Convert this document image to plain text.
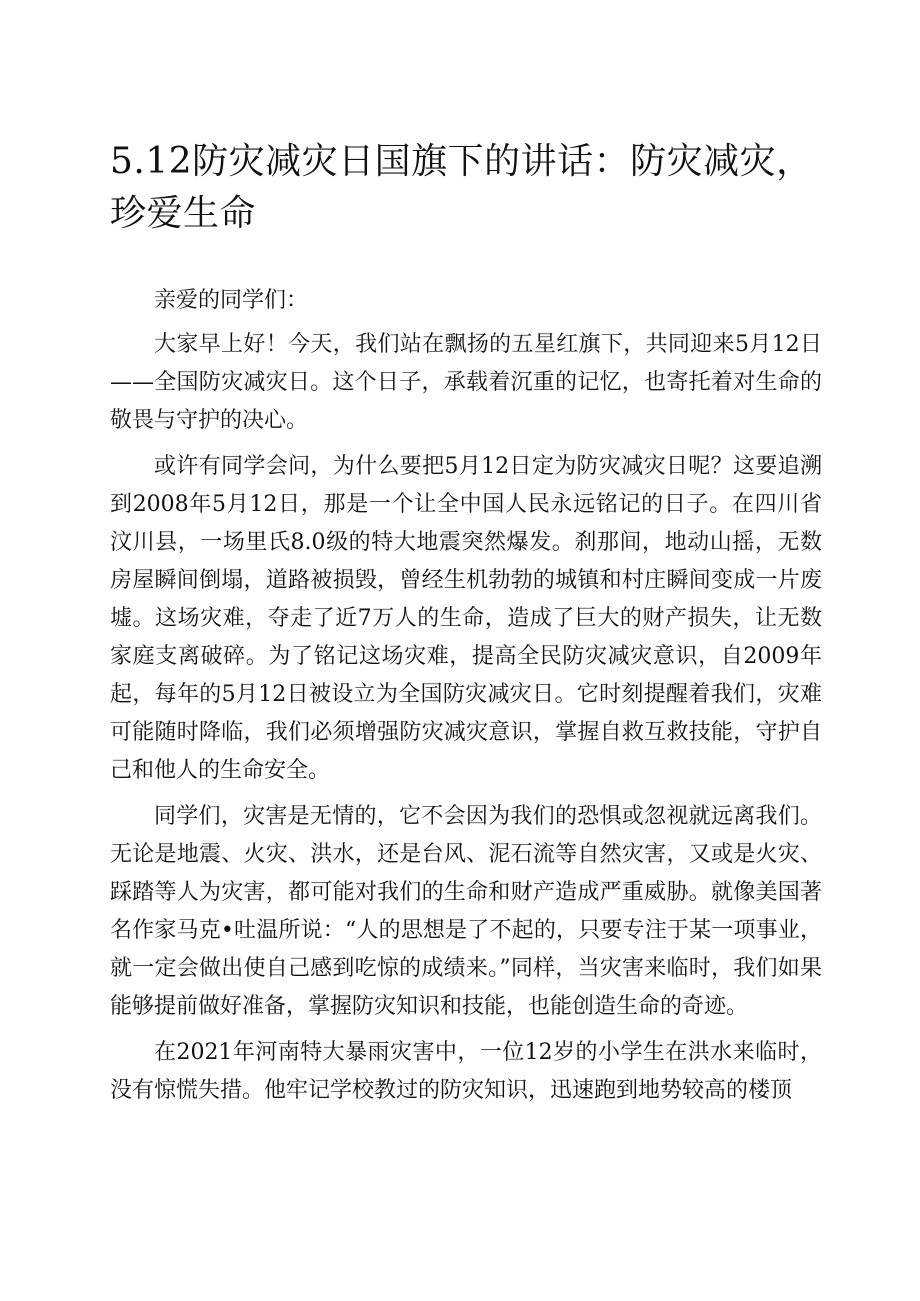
5.12防灾减灾日国旗下的讲话：防灾减灾，珍爱生命

亲爱的同学们：

大家早上好！今天，我们站在飘扬的五星红旗下，共同迎来5月12日——全国防灾减灾日。这个日子，承载着沉重的记忆，也寄托着对生命的敬畏与守护的决心。

或许有同学会问，为什么要把5月12日定为防灾减灾日呢？这要追溯到2008年5月12日，那是一个让全中国人民永远铭记的日子。在四川省汶川县，一场里氏8.0级的特大地震突然爆发。刹那间，地动山摇，无数房屋瞬间倒塌，道路被损毁，曾经生机勃勃的城镇和村庄瞬间变成一片废墟。这场灾难，夺走了近7万人的生命，造成了巨大的财产损失，让无数家庭支离破碎。为了铭记这场灾难，提高全民防灾减灾意识，自2009年起，每年的5月12日被设立为全国防灾减灾日。它时刻提醒着我们，灾难可能随时降临，我们必须增强防灾减灾意识，掌握自救互救技能，守护自己和他人的生命安全。

同学们，灾害是无情的，它不会因为我们的恐惧或忽视就远离我们。无论是地震、火灾、洪水，还是台风、泥石流等自然灾害，又或是火灾、踩踏等人为灾害，都可能对我们的生命和财产造成严重威胁。就像美国著名作家马克•吐温所说：“人的思想是了不起的，只要专注于某一项事业，就一定会做出使自己感到吃惊的成绩来。”同样，当灾害来临时，我们如果能够提前做好准备，掌握防灾知识和技能，也能创造生命的奇迹。

在2021年河南特大暴雨灾害中，一位12岁的小学生在洪水来临时，没有惊慌失措。他牢记学校教过的防灾知识，迅速跑到地势较高的楼顶
